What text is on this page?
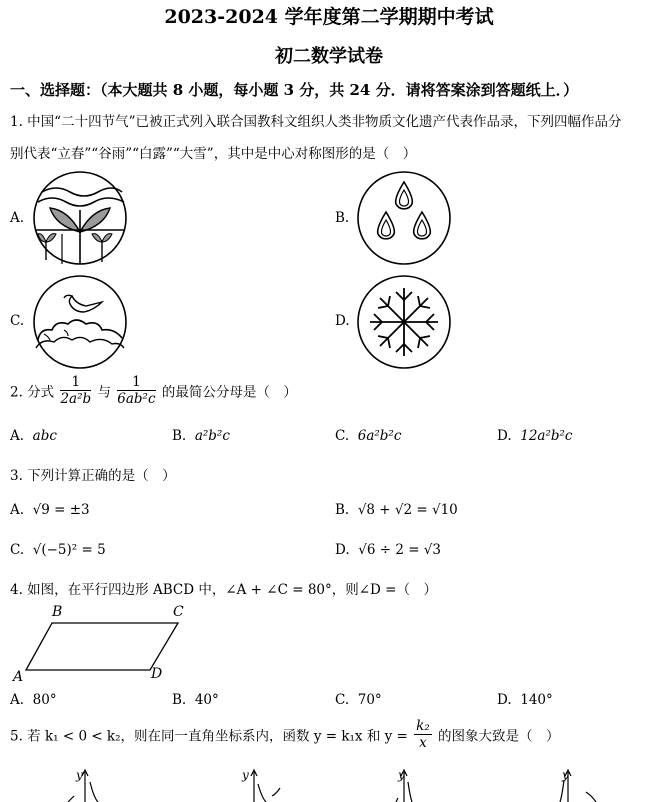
2023-2024 学年度第二学期期中考试
初二数学试卷
一、选择题：（本大题共 8 小题，每小题 3 分，共 24 分．请将答案涂到答题纸上．）
1. 中国“二十四节气”已被正式列入联合国教科文组织人类非物质文化遗产代表作品录，下列四幅作品分
别代表“立春”“谷雨”“白露”“大雪”，其中是中心对称图形的是（　）
A.	B.
C.	D.
2. 分式 $\frac{1}{\text{2a²b}}$ 与 $\frac{1}{\text{6ab²c}}$ 的最简公分母是（　）
A. abc	B. a²b²c	C. 6a²b²c	D. 12a²b²c
3. 下列计算正确的是（　）
A. √9 = ±3	B. √8 + √2 = √10
C. √(−5)² = 5	D. √6 ÷ 2 = √3
4. 如图，在平行四边形 ABCD 中，∠A + ∠C = 80°，则∠D =（　）
A
B	C
D
A. 80°	B. 40°	C. 70°	D. 140°
5. 若 k₁ < 0 < k₂，则在同一直角坐标系内，函数 y = k₁x 和 $y = \frac{\text{k₂}}{x}$ 的图象大致是（　）
y	y	y	y
